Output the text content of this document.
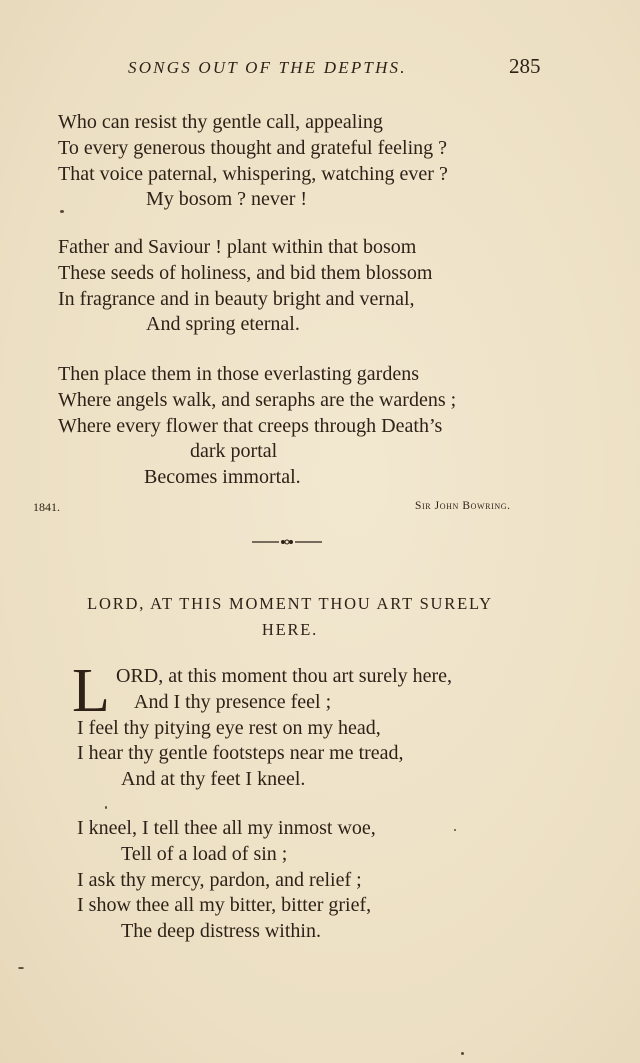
SONGS OUT OF THE DEPTHS.	285
Who can resist thy gentle call, appealing
To every generous thought and grateful feeling ?
That voice paternal, whispering, watching ever ?
My bosom ? never !
Father and Saviour ! plant within that bosom
These seeds of holiness, and bid them blossom
In fragrance and in beauty bright and vernal,
And spring eternal.
Then place them in those everlasting gardens
Where angels walk, and seraphs are the wardens ;
Where every flower that creeps through Death’s
dark portal
Becomes immortal.
1841.	Sir John Bowring.
LORD, AT THIS MOMENT THOU ART SURELY
HERE.
L ORD, at this moment thou art surely here,
And I thy presence feel ;
I feel thy pitying eye rest on my head,
I hear thy gentle footsteps near me tread,
And at thy feet I kneel.
I kneel, I tell thee all my inmost woe,
Tell of a load of sin ;
I ask thy mercy, pardon, and relief ;
I show thee all my bitter, bitter grief,
The deep distress within.
